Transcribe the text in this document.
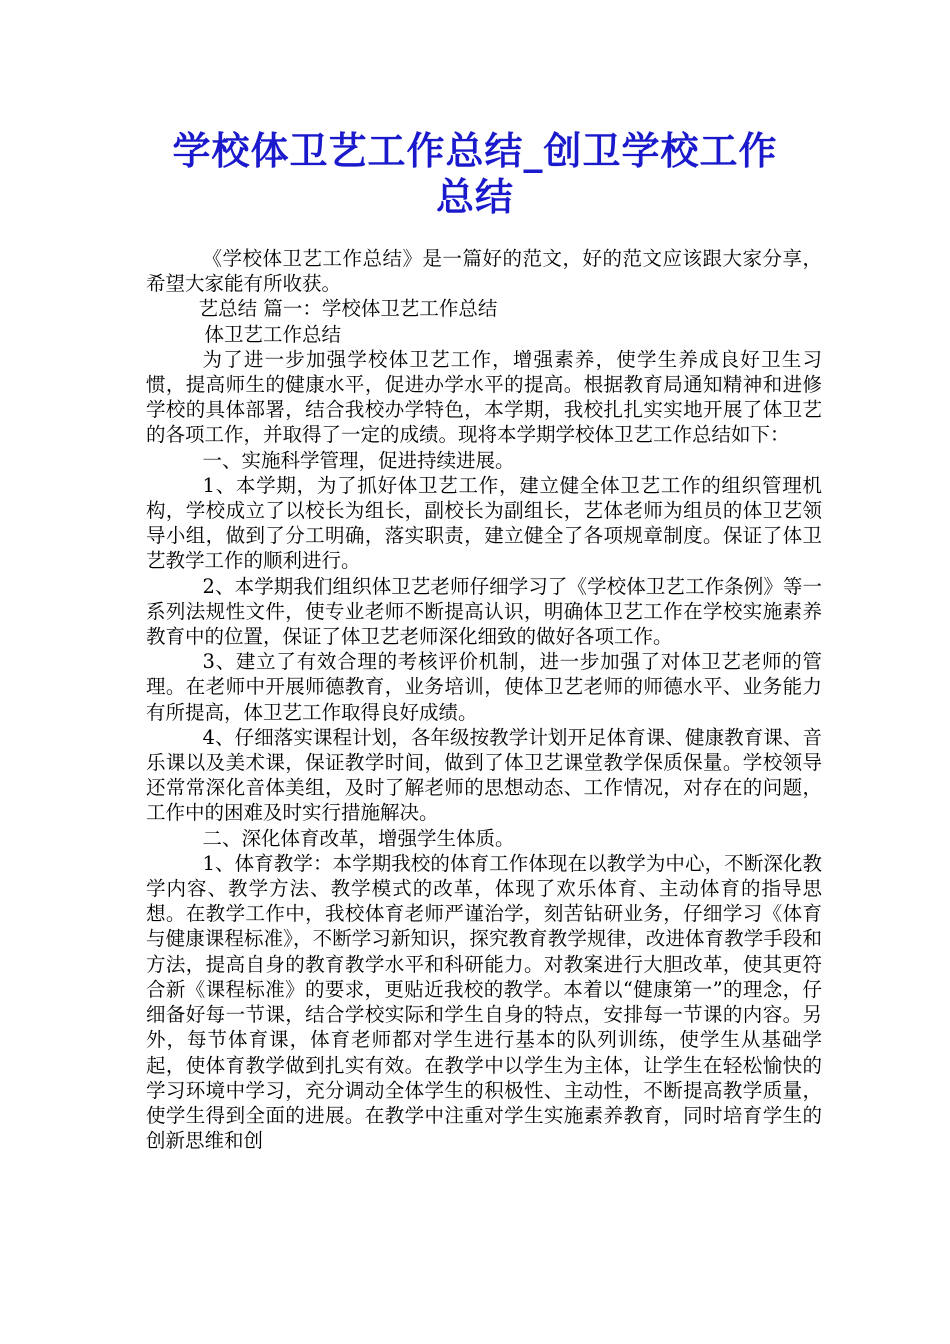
学校体卫艺工作总结_创卫学校工作
总结

《学校体卫艺工作总结》是一篇好的范文，好的范文应该跟大家分享，希望大家能有所收获。

艺总结 篇一：学校体卫艺工作总结

体卫艺工作总结

为了进一步加强学校体卫艺工作，增强素养，使学生养成良好卫生习惯，提高师生的健康水平，促进办学水平的提高。根据教育局通知精神和进修学校的具体部署，结合我校办学特色，本学期，我校扎扎实实地开展了体卫艺的各项工作，并取得了一定的成绩。现将本学期学校体卫艺工作总结如下：

一、实施科学管理，促进持续进展。

1、本学期，为了抓好体卫艺工作，建立健全体卫艺工作的组织管理机构，学校成立了以校长为组长，副校长为副组长，艺体老师为组员的体卫艺领导小组，做到了分工明确，落实职责，建立健全了各项规章制度。保证了体卫艺教学工作的顺利进行。

2、本学期我们组织体卫艺老师仔细学习了《学校体卫艺工作条例》等一系列法规性文件，使专业老师不断提高认识，明确体卫艺工作在学校实施素养教育中的位置，保证了体卫艺老师深化细致的做好各项工作。

3、建立了有效合理的考核评价机制，进一步加强了对体卫艺老师的管理。在老师中开展师德教育，业务培训，使体卫艺老师的师德水平、业务能力有所提高，体卫艺工作取得良好成绩。

4、仔细落实课程计划，各年级按教学计划开足体育课、健康教育课、音乐课以及美术课，保证教学时间，做到了体卫艺课堂教学保质保量。学校领导还常常深化音体美组，及时了解老师的思想动态、工作情况，对存在的问题，工作中的困难及时实行措施解决。

二、深化体育改革，增强学生体质。

1、体育教学：本学期我校的体育工作体现在以教学为中心，不断深化教学内容、教学方法、教学模式的改革，体现了欢乐体育、主动体育的指导思想。在教学工作中，我校体育老师严谨治学，刻苦钻研业务，仔细学习《体育与健康课程标准》，不断学习新知识，探究教育教学规律，改进体育教学手段和方法，提高自身的教育教学水平和科研能力。对教案进行大胆改革，使其更符合新《课程标准》的要求，更贴近我校的教学。本着以“健康第一”的理念，仔细备好每一节课，结合学校实际和学生自身的特点，安排每一节课的内容。另外，每节体育课，体育老师都对学生进行基本的队列训练，使学生从基础学起，使体育教学做到扎实有效。在教学中以学生为主体，让学生在轻松愉快的学习环境中学习，充分调动全体学生的积极性、主动性，不断提高教学质量，使学生得到全面的进展。在教学中注重对学生实施素养教育，同时培育学生的创新思维和创
